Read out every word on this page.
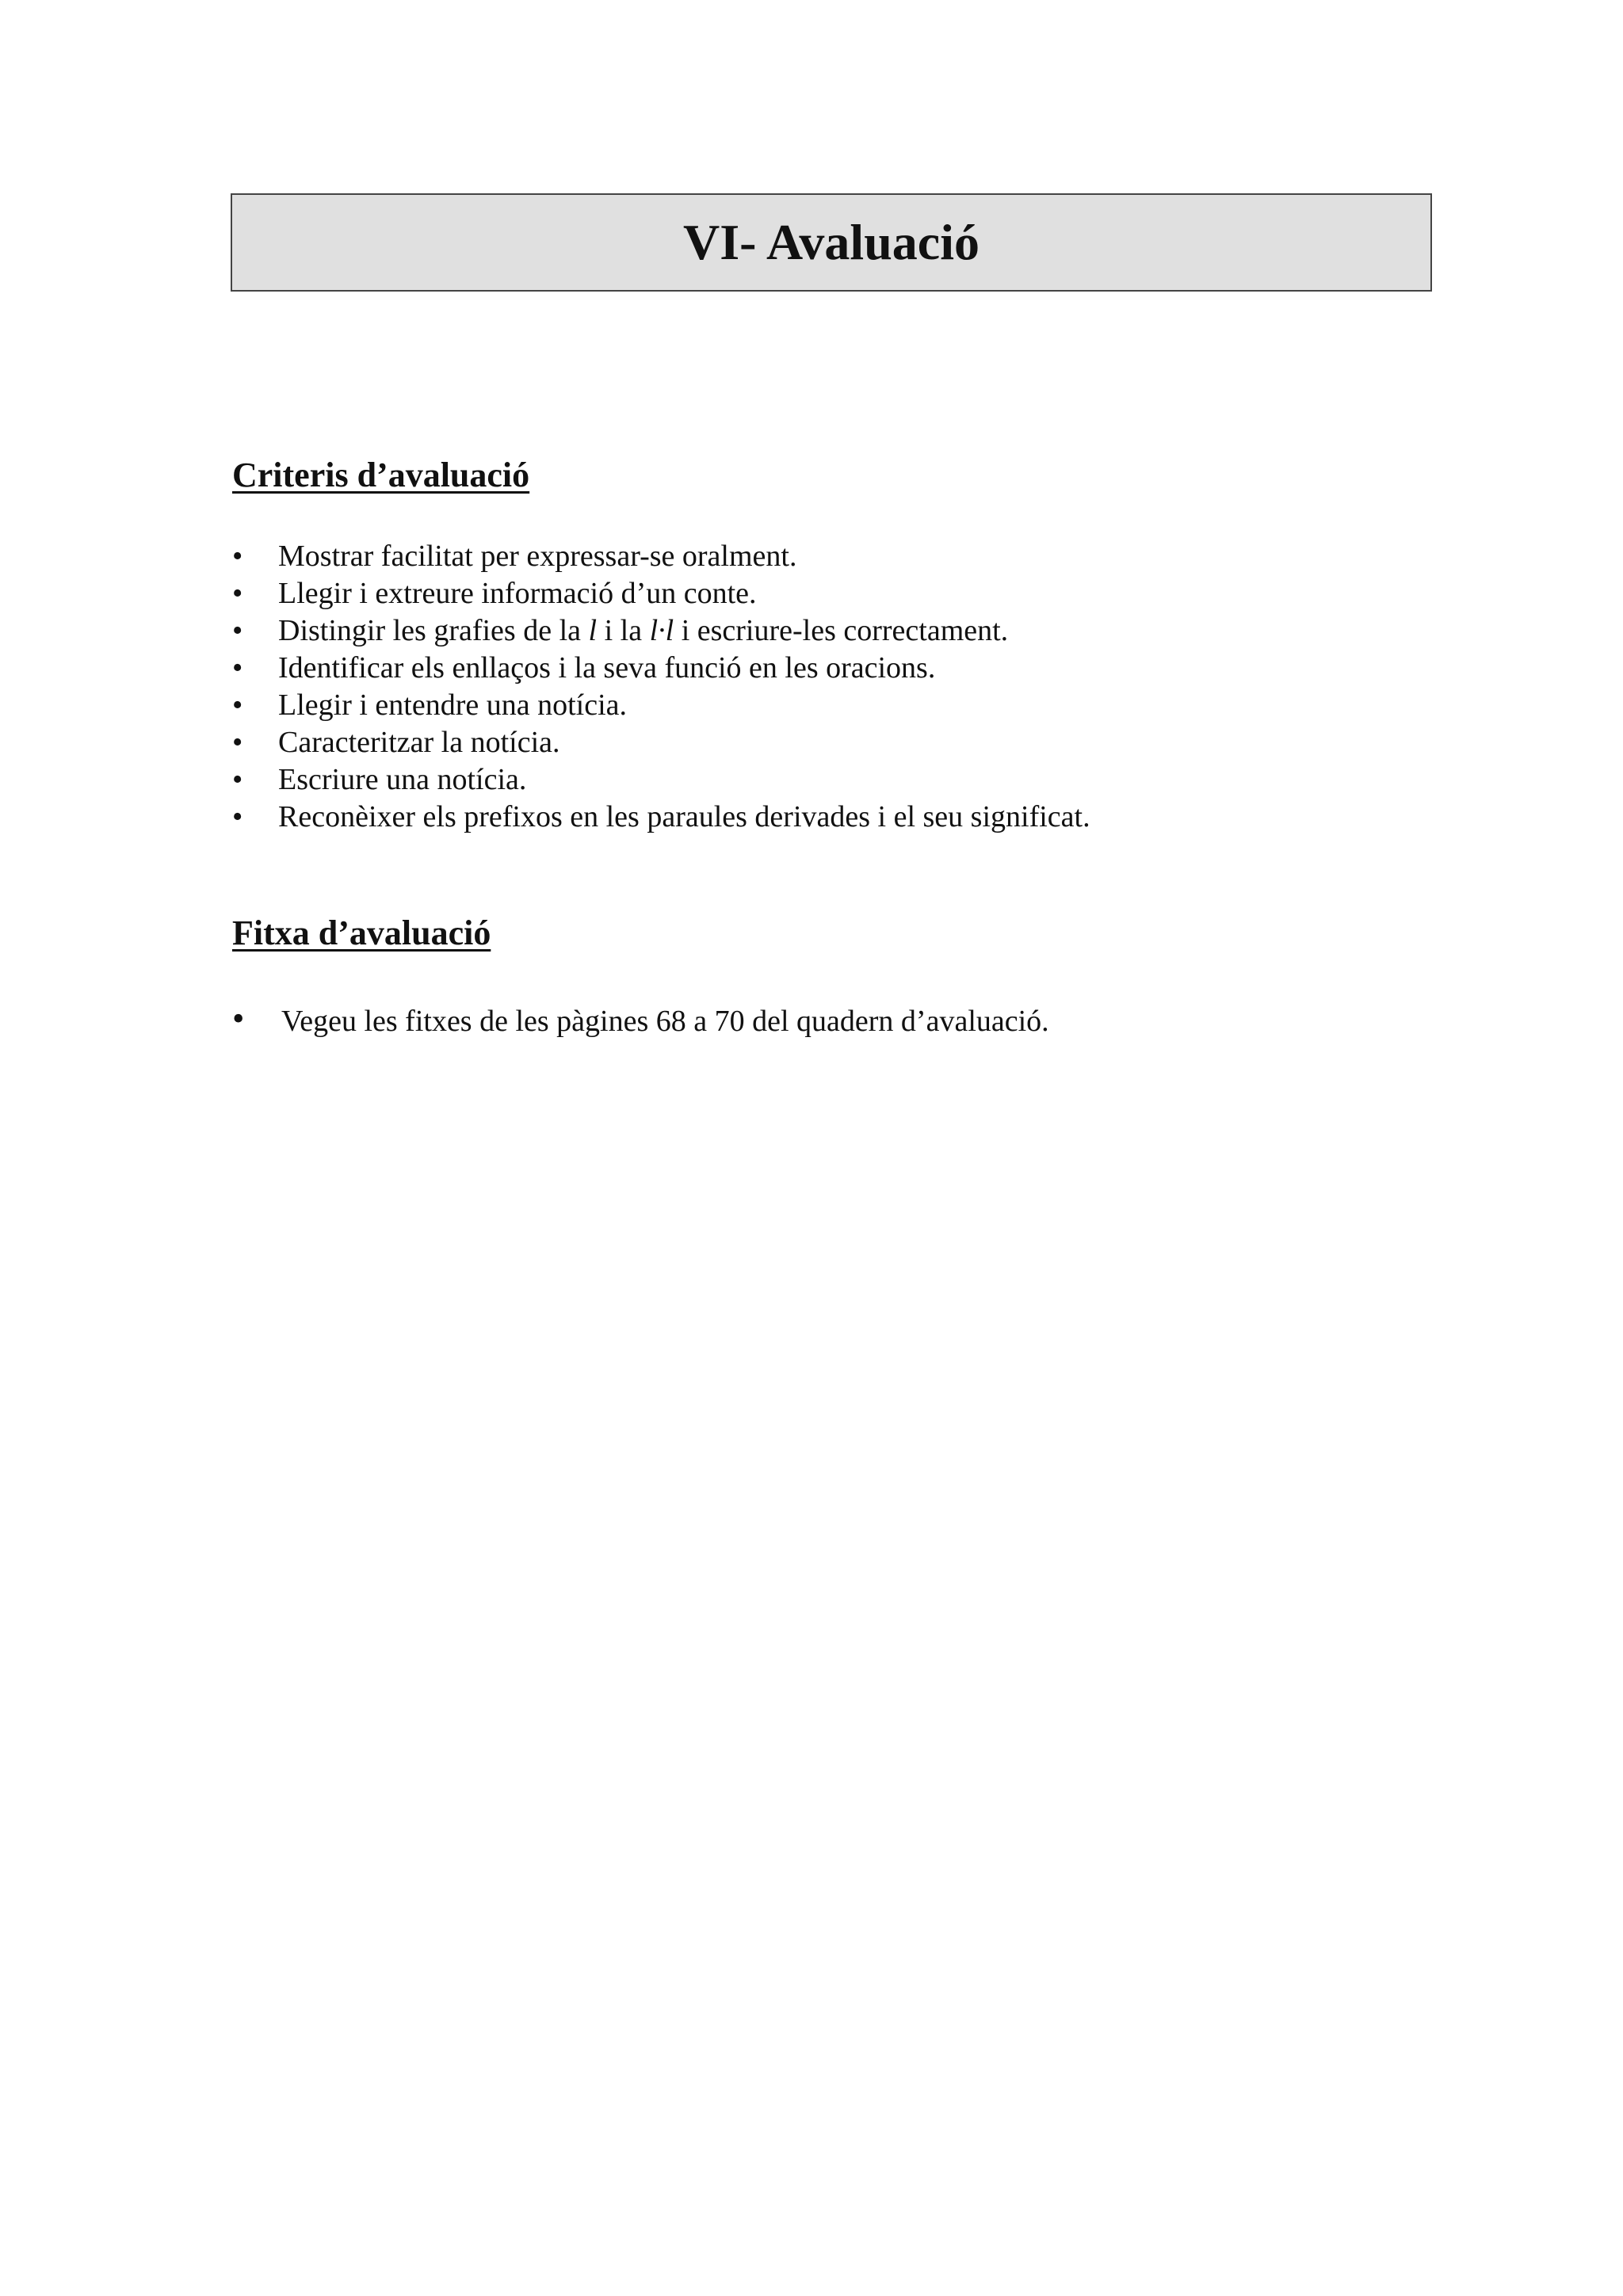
VI- Avaluació
Criteris d’avaluació
• Mostrar facilitat per expressar-se oralment.
• Llegir i extreure informació d’un conte.
• Distingir les grafies de la l i la l·l i escriure-les correctament.
• Identificar els enllaços i la seva funció en les oracions.
• Llegir i entendre una notícia.
• Caracteritzar la notícia.
• Escriure una notícia.
• Reconèixer els prefixos en les paraules derivades i el seu significat.
Fitxa d’avaluació
• Vegeu les fitxes de les pàgines 68 a 70 del quadern d’avaluació.
